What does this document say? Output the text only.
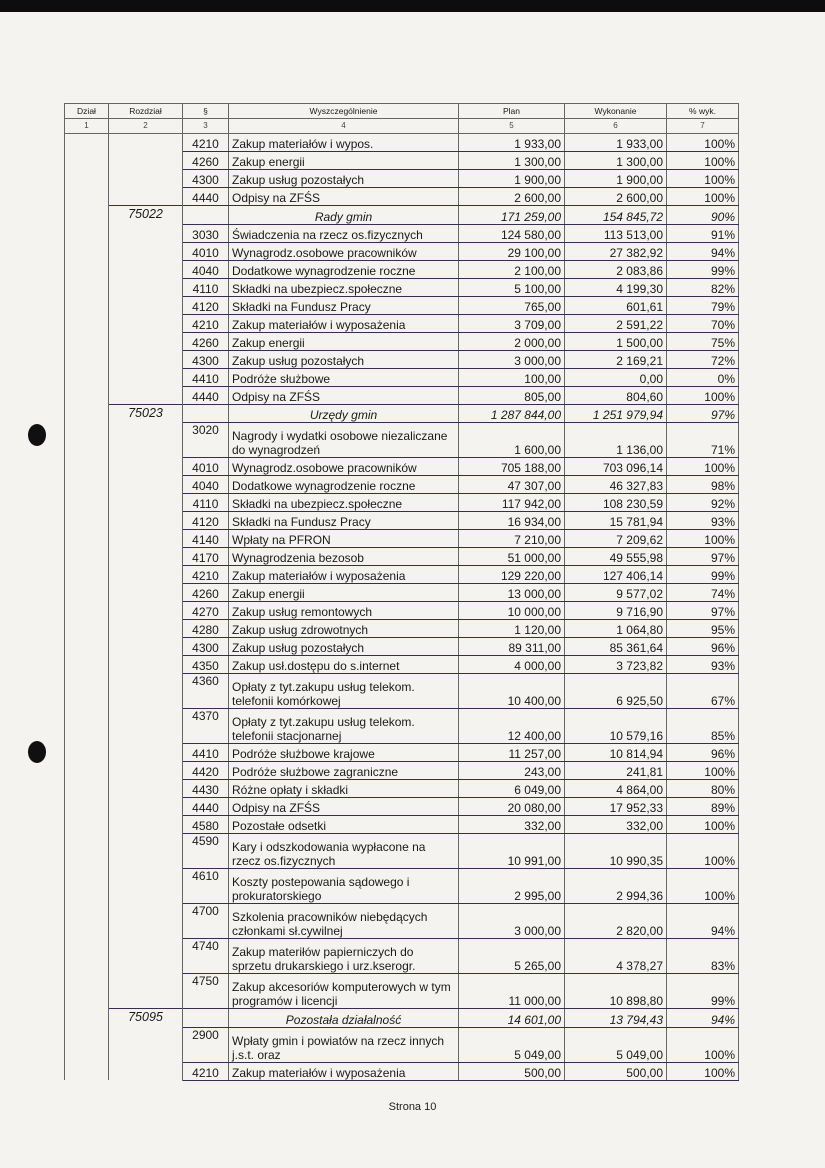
Dział	Rozdział	§	Wyszczególnienie	Plan	Wykonanie	% wyk.
1	2	3	4	5	6	7
		4210	Zakup materiałów i wypos.	1 933,00	1 933,00	100%
		4260	Zakup energii	1 300,00	1 300,00	100%
		4300	Zakup usług pozostałych	1 900,00	1 900,00	100%
		4440	Odpisy na ZFŚS	2 600,00	2 600,00	100%
	75022		Rady gmin	171 259,00	154 845,72	90%
		3030	Świadczenia na rzecz os.fizycznych	124 580,00	113 513,00	91%
		4010	Wynagrodz.osobowe pracowników	29 100,00	27 382,92	94%
		4040	Dodatkowe wynagrodzenie roczne	2 100,00	2 083,86	99%
		4110	Składki na ubezpiecz.społeczne	5 100,00	4 199,30	82%
		4120	Składki na Fundusz Pracy	765,00	601,61	79%
		4210	Zakup materiałów i wyposażenia	3 709,00	2 591,22	70%
		4260	Zakup energii	2 000,00	1 500,00	75%
		4300	Zakup usług pozostałych	3 000,00	2 169,21	72%
		4410	Podróże służbowe	100,00	0,00	0%
		4440	Odpisy na ZFŚS	805,00	804,60	100%
	75023		Urzędy gmin	1 287 844,00	1 251 979,94	97%
		3020	Nagrody i wydatki osobowe niezaliczane do wynagrodzeń	1 600,00	1 136,00	71%
		4010	Wynagrodz.osobowe pracowników	705 188,00	703 096,14	100%
		4040	Dodatkowe wynagrodzenie roczne	47 307,00	46 327,83	98%
		4110	Składki na ubezpiecz.społeczne	117 942,00	108 230,59	92%
		4120	Składki na Fundusz Pracy	16 934,00	15 781,94	93%
		4140	Wpłaty na PFRON	7 210,00	7 209,62	100%
		4170	Wynagrodzenia bezosob	51 000,00	49 555,98	97%
		4210	Zakup materiałów i wyposażenia	129 220,00	127 406,14	99%
		4260	Zakup energii	13 000,00	9 577,02	74%
		4270	Zakup usług remontowych	10 000,00	9 716,90	97%
		4280	Zakup usług zdrowotnych	1 120,00	1 064,80	95%
		4300	Zakup usług pozostałych	89 311,00	85 361,64	96%
		4350	Zakup usł.dostępu do s.internet	4 000,00	3 723,82	93%
		4360	Opłaty z tyt.zakupu usług telekom. telefonii komórkowej	10 400,00	6 925,50	67%
		4370	Opłaty z tyt.zakupu usług telekom. telefonii stacjonarnej	12 400,00	10 579,16	85%
		4410	Podróże służbowe krajowe	11 257,00	10 814,94	96%
		4420	Podróże służbowe zagraniczne	243,00	241,81	100%
		4430	Różne opłaty i składki	6 049,00	4 864,00	80%
		4440	Odpisy na ZFŚS	20 080,00	17 952,33	89%
		4580	Pozostałe odsetki	332,00	332,00	100%
		4590	Kary i odszkodowania wypłacone na rzecz os.fizycznych	10 991,00	10 990,35	100%
		4610	Koszty postepowania sądowego i prokuratorskiego	2 995,00	2 994,36	100%
		4700	Szkolenia pracowników niebędących członkami sł.cywilnej	3 000,00	2 820,00	94%
		4740	Zakup materiłów papierniczych do sprzetu drukarskiego i urz.kserogr.	5 265,00	4 378,27	83%
		4750	Zakup akcesoriów komputerowych w tym programów i licencji	11 000,00	10 898,80	99%
	75095		Pozostała działalność	14 601,00	13 794,43	94%
		2900	Wpłaty gmin i powiatów na rzecz innych j.s.t. oraz	5 049,00	5 049,00	100%
		4210	Zakup materiałów i wyposażenia	500,00	500,00	100%
Strona 10
